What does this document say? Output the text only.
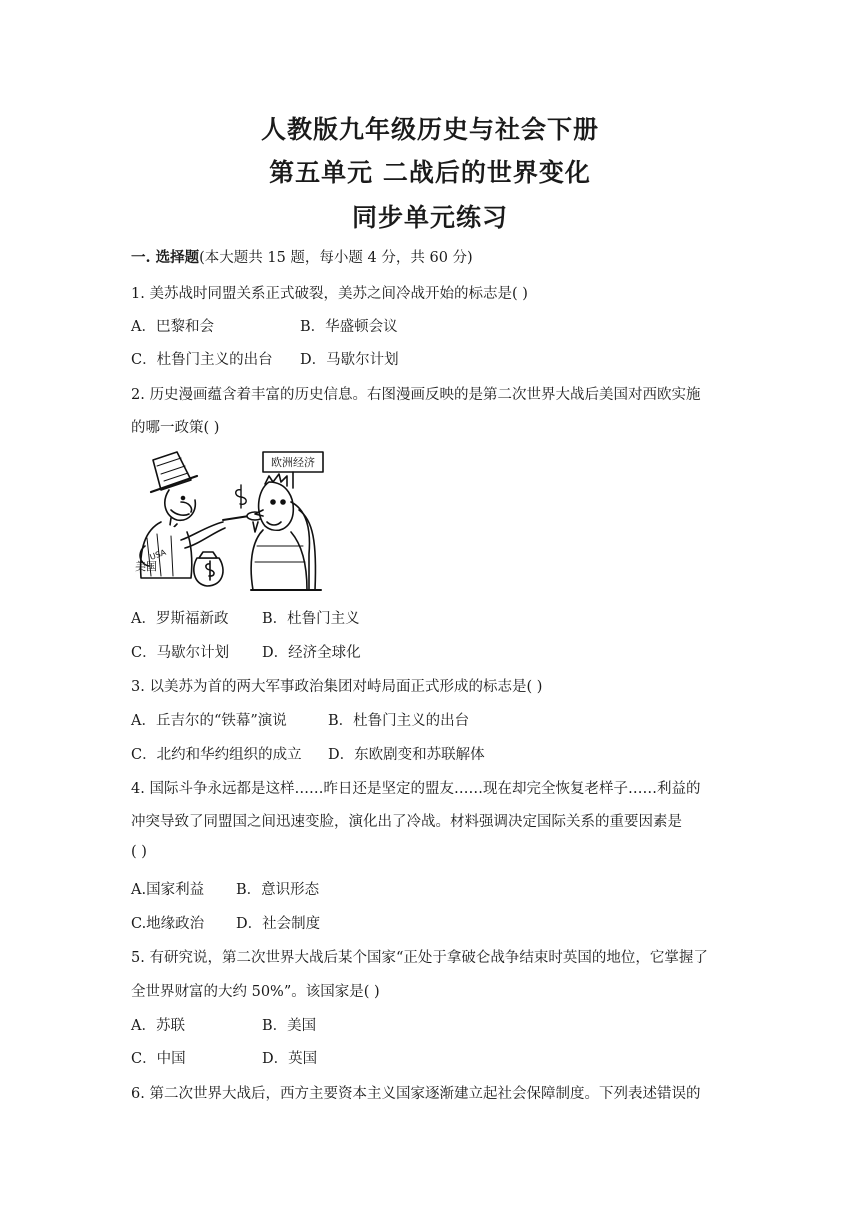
人教版九年级历史与社会下册
第五单元 二战后的世界变化
同步单元练习
一. 选择题(本大题共 15 题，每小题 4 分，共 60 分)
1. 美苏战时同盟关系正式破裂，美苏之间冷战开始的标志是( )
A．巴黎和会	B．华盛顿会议
C．杜鲁门主义的出台 D．马歇尔计划
2. 历史漫画蕴含着丰富的历史信息。右图漫画反映的是第二次世界大战后美国对西欧实施
的哪一政策( )
欧洲经济
USA
美国
A．罗斯福新政 B．杜鲁门主义
C．马歇尔计划 D．经济全球化
3. 以美苏为首的两大军事政治集团对峙局面正式形成的标志是( )
A．丘吉尔的“铁幕”演说	B．杜鲁门主义的出台
C．北约和华约组织的成立 D．东欧剧变和苏联解体
4. 国际斗争永远都是这样……昨日还是坚定的盟友……现在却完全恢复老样子……利益的
冲突导致了同盟国之间迅速变脸，演化出了冷战。材料强调决定国际关系的重要因素是
( )
A.国家利益 B．意识形态
C.地缘政治 D．社会制度
5. 有研究说，第二次世界大战后某个国家“正处于拿破仑战争结束时英国的地位，它掌握了
全世界财富的大约 50%”。该国家是( )
A．苏联	B．美国
C．中国	D．英国
6. 第二次世界大战后，西方主要资本主义国家逐渐建立起社会保障制度。下列表述错误的
